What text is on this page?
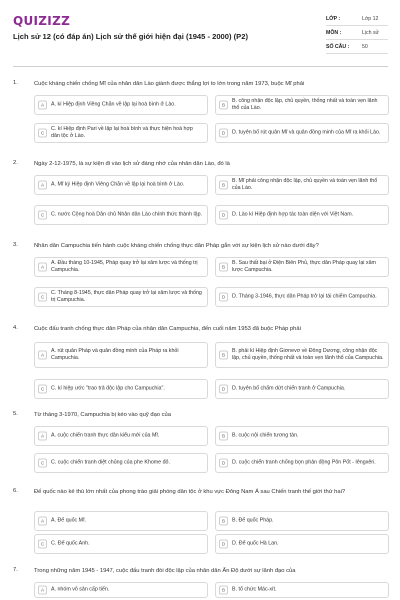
QUIZIZZ
Lịch sử 12 (có đáp án) Lịch sử thế giới hiện đại (1945 - 2000) (P2)
LỚP :	Lớp 12
MÔN :	Lịch sử
SỐ CÂU :	50
1.	Cuộc kháng chiến chống Mĩ của nhân dân Lào giành được thắng lợi to lớn trong năm 1973, buộc Mĩ phải
A	A. kí Hiệp định Viêng Chăn về lập lại hoà bình ở Lào.	B
B. công nhận độc lập, chủ quyền, thống nhất và toàn vẹn lãnh thổ của Lào.
C
C. kí Hiệp định Pari về lập lại hoà bình và thực hiện hoà hợp dân tộc ở Lào.	D	D. tuyên bố rút quân Mĩ và quân đồng minh của Mĩ ra khỏi Lào.
2.	Ngày 2-12-1975, là sự kiện đi vào lịch sử đáng nhớ của nhân dân Lào, đó là
A	A. Mĩ ký Hiệp định Viêng Chăn về lập lại hoà bình ở Lào.	B
B. Mĩ phải công nhận độc lập, chủ quyền và toàn vẹn lãnh thổ của Lào.
C	C. nước Cộng hoà Dân chủ Nhân dân Lào chính thức thành lập.	D	D. Lào kí Hiệp định hợp tác toàn diện với Việt Nam.
3.	Nhân dân Campuchia tiến hành cuộc kháng chiến chống thực dân Pháp gắn với sự kiện lịch sử nào dưới đây?
A
A. Đầu tháng 10-1945, Pháp quay trở lại xâm lược và thống trị Campuchia.	B
B. Sau thất bại ở Điện Biên Phủ, thực dân Pháp quay lại xâm lược Campuchia.
C
C. Tháng 8-1945, thực dân Pháp quay trở lại xâm lược và thống trị Campuchia.	D	D. Tháng 3-1946, thực dân Pháp trở lại tái chiếm Campuchia.
4.	Cuộc đấu tranh chống thực dân Pháp của nhân dân Campuchia, đến cuối năm 1953 đã buộc Pháp phải
A
A. rút quân Pháp và quân đồng minh của Pháp ra khỏi Campuchia.	B
B. phải kí Hiệp định Giơnevơ về Đông Dương, công nhận độc lập, chủ quyền, thống nhất và toàn vẹn lãnh thổ của Campuchia.
C	C. kí hiệp ước "trao trả độc lập cho Campuchia".	D	D. tuyên bố chấm dứt chiến tranh ở Campuchia.
5.	Từ tháng 3-1970, Campuchia bị kéo vào quỹ đạo của
A	A. cuộc chiến tranh thực dân kiểu mới của Mĩ.	B	B. cuộc nội chiến tương tàn.
C	C. cuộc chiến tranh diệt chủng của phe Khome đỏ.	D	D. cuộc chiến tranh chống bọn phản động Pôn Pốt - Iêngxêri.
6.	Đế quốc nào kẻ thù lớn nhất của phong trào giải phóng dân tộc ở khu vực Đông Nam Á sau Chiến tranh thế giới thứ hai?
A	A. Đế quốc Mĩ.	B	B. Đế quốc Pháp.
C	C. Đế quốc Anh.	D	D. Đế quốc Hà Lan.
7.	Trong những năm 1945 - 1947, cuộc đấu tranh đòi độc lập của nhân dân Ấn Độ dưới sự lãnh đạo của
A	A. nhóm vô sản cấp tiến.	B	B. tổ chức Mác-xít.
